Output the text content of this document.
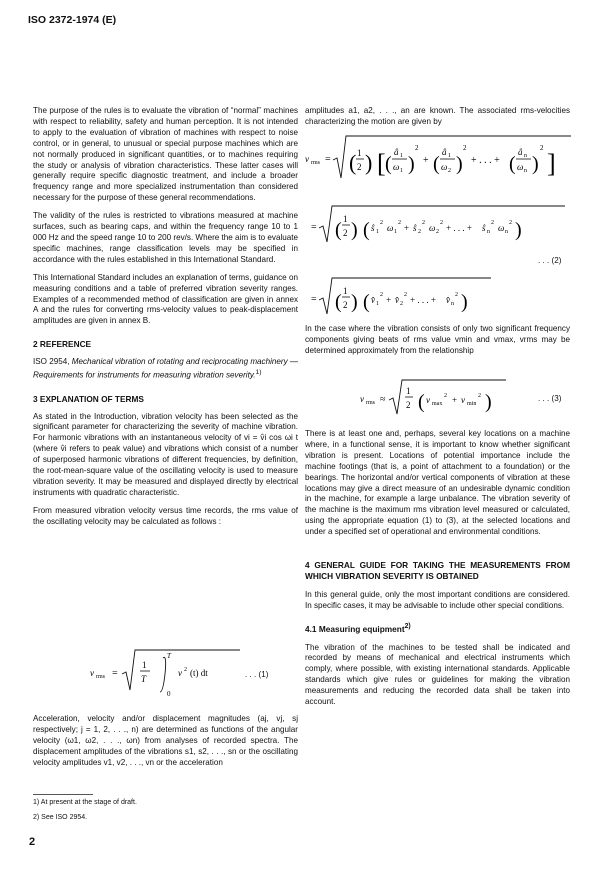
ISO 2372-1974 (E)

The purpose of the rules is to evaluate the vibration of “normal” machines with respect to reliability, safety and human perception. It is not intended to apply to the evaluation of vibration of machines with respect to noise control, or in general, to unusual or special purpose machines which are not normally produced in significant quantities, or to machines requiring the study or analysis of vibration characteristics. These latter cases will generally require specific diagnostic treatment, and include a broader frequency range and more specialized instrumentation than considered necessary for the purpose of these general recommendations.

The validity of the rules is restricted to vibrations measured at machine surfaces, such as bearing caps, and within the frequency range 10 to 1 000 Hz and the speed range 10 to 200 rev/s. Where the aim is to evaluate specific machines, range classification levels may be specified in accordance with the rules established in this International Standard.

This International Standard includes an explanation of terms, guidance on measuring conditions and a table of preferred vibration severity ranges. Examples of a recommended method of classification are given in annex A and the rules for converting rms-velocity values to peak-displacement amplitudes are given in annex B.

2 REFERENCE

ISO 2954, Mechanical vibration of rotating and reciprocating machinery — Requirements for instruments for measuring vibration severity.$^{1)}$

3 EXPLANATION OF TERMS

As stated in the Introduction, vibration velocity has been selected as the significant parameter for characterizing the severity of machine vibration. For harmonic vibrations with an instantaneous velocity of vi = v̂i cos ωi t (where v̂i refers to peak value) and vibrations which consist of a number of superposed harmonic vibrations of different frequencies, by definition, the root-mean-square value of the oscillating velocity is used to measure vibration severity. It may be measured and displayed directly by electrical instruments with quadratic characteristic.

From measured vibration velocity versus time records, the rms value of the oscillating velocity may be calculated as follows :

v rms =
1
T
T
0
v 2 (t) dt	. . . (1)

Acceleration, velocity and/or displacement magnitudes (aj, vj, sj respectively; j = 1, 2, . . ., n) are determined as functions of the angular velocity (ω1, ω2, . . ., ωn) from analyses of recorded spectra. The displacement amplitudes of the vibrations s1, s2, . . ., sn or the oscillating velocity amplitudes v1, v2, . . ., vn or the acceleration

1) At present at the stage of draft.

2) See ISO 2954.

2

amplitudes a1, a2, . . ., an are known. The associated rms-velocities characterizing the motion are given by

v rms = ( 1
2 ) [ (
â 1
ω 1 )
2
+ (
â 1
ω 2 )
2
+ . . . + (
â n
ω n )
2
]
= ( 1
2 ) ( ŝ 1
2 ω 1
2 + ŝ 2
2 ω 2
2 + . . . + ŝ n
2 ω n
2 )
. . . (2)
= ( 1
2 ) ( v̂ 1
2 + v̂ 2
2 + . . . + v̂ n
2 )

In the case where the vibration consists of only two significant frequency components giving beats of rms value vmin and vmax, vrms may be determined approximately from the relationship

v rms ≈
1
2 ( v max
2 + v min
2 )	. . . (3)

There is at least one and, perhaps, several key locations on a machine where, in a functional sense, it is important to know whether significant vibration is present. Locations of potential importance include the machine footings (that is, a point of attachment to a foundation) or the bearings. The horizontal and/or vertical components of vibration at these locations may give a direct measure of an undesirable dynamic condition in the machine, for example a large unbalance. The vibration severity of the machine is the maximum rms vibration level measured or calculated, using the appropriate equation (1) to (3), at the selected locations and under a specified set of operational and environmental conditions.

4 GENERAL GUIDE FOR TAKING THE MEASUREMENTS FROM WHICH VIBRATION SEVERITY IS OBTAINED

In this general guide, only the most important conditions are considered. In specific cases, it may be advisable to include other special conditions.

4.1 Measuring equipment$^{2)}$

The vibration of the machines to be tested shall be indicated and recorded by means of mechanical and electrical instruments which comply, where possible, with existing international standards. Applicable standards which give rules or guidelines for making the vibration measurements and reducing the recorded data shall be taken into account.
